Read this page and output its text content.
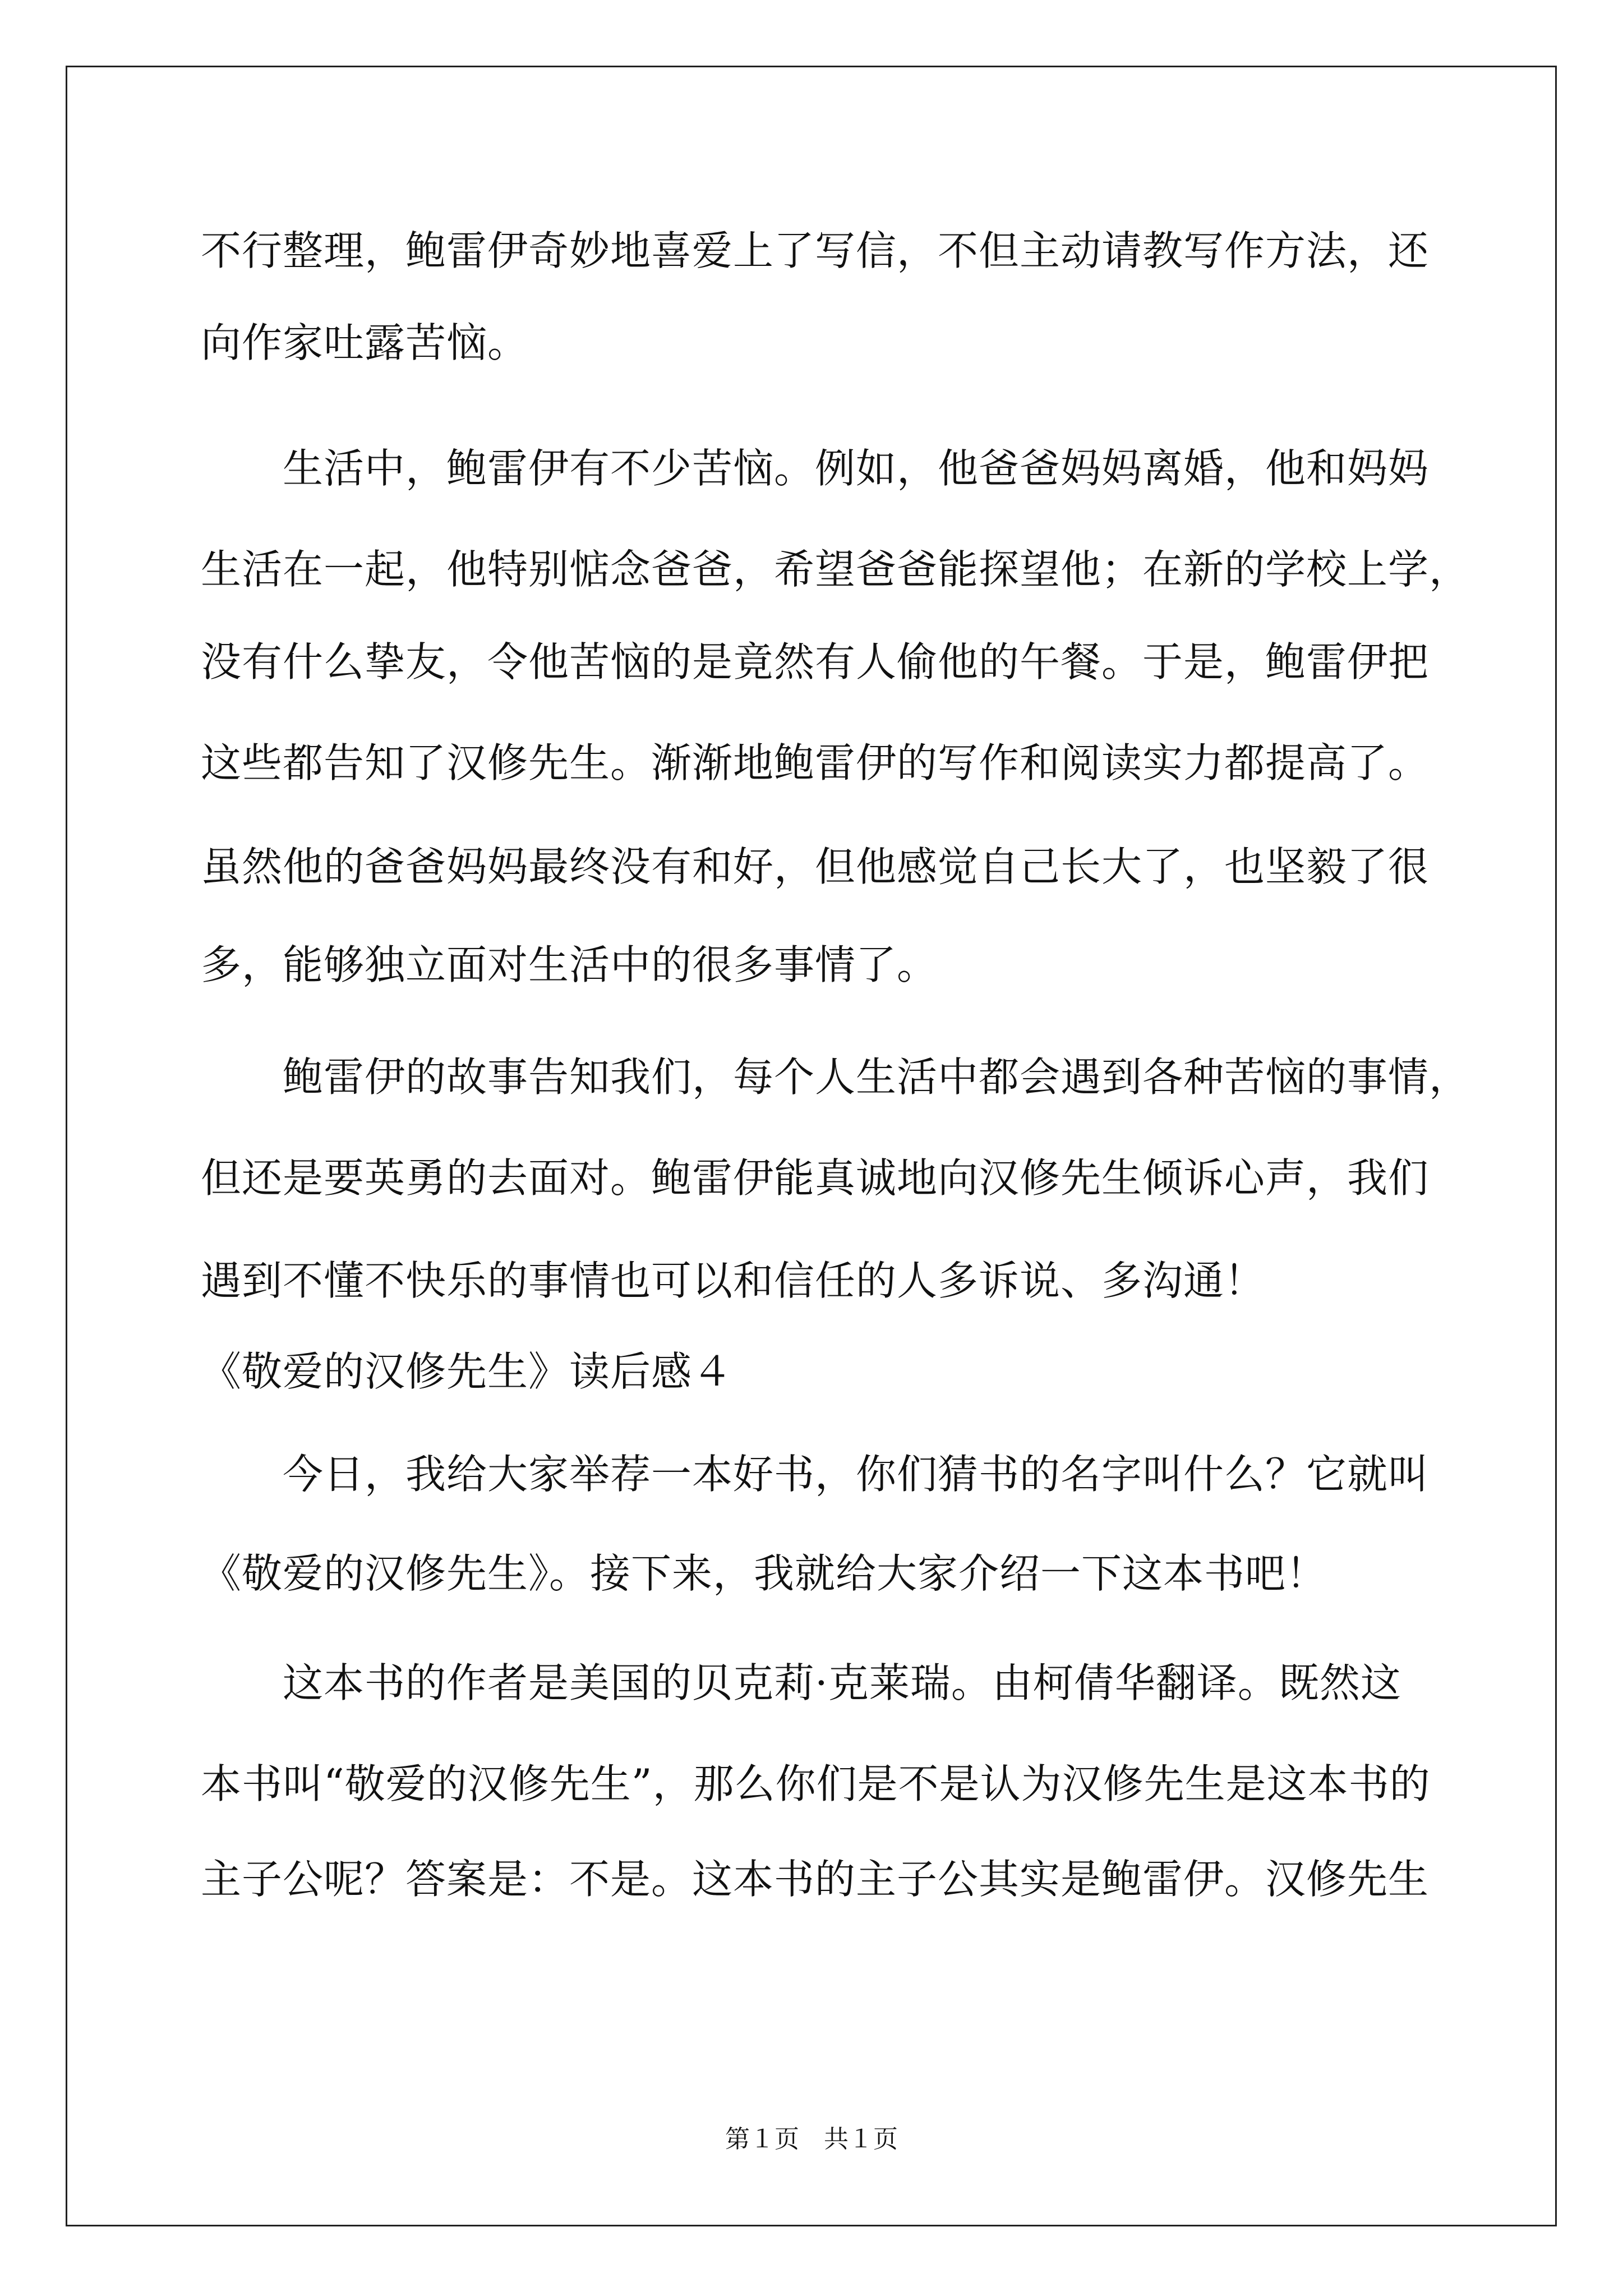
不行整理，鲍雷伊奇妙地喜爱上了写信，不但主动请教写作方法，还

向作家吐露苦恼。

生活中，鲍雷伊有不少苦恼。例如，他爸爸妈妈离婚，他和妈妈

生活在一起，他特别惦念爸爸，希望爸爸能探望他；在新的学校上学，

没有什么挚友，令他苦恼的是竟然有人偷他的午餐。于是，鲍雷伊把

这些都告知了汉修先生。渐渐地鲍雷伊的写作和阅读实力都提高了。

虽然他的爸爸妈妈最终没有和好，但他感觉自己长大了，也坚毅了很

多，能够独立面对生活中的很多事情了。

鲍雷伊的故事告知我们，每个人生活中都会遇到各种苦恼的事情，

但还是要英勇的去面对。鲍雷伊能真诚地向汉修先生倾诉心声，我们

遇到不懂不快乐的事情也可以和信任的人多诉说、多沟通！

《敬爱的汉修先生》读后感４

今日，我给大家举荐一本好书，你们猜书的名字叫什么？它就叫

《敬爱的汉修先生》。接下来，我就给大家介绍一下这本书吧！

这本书的作者是美国的贝克莉·克莱瑞。由柯倩华翻译。既然这

本书叫“敬爱的汉修先生”，那么你们是不是认为汉修先生是这本书的

主子公呢？答案是：不是。这本书的主子公其实是鲍雷伊。汉修先生

第１页　共１页
